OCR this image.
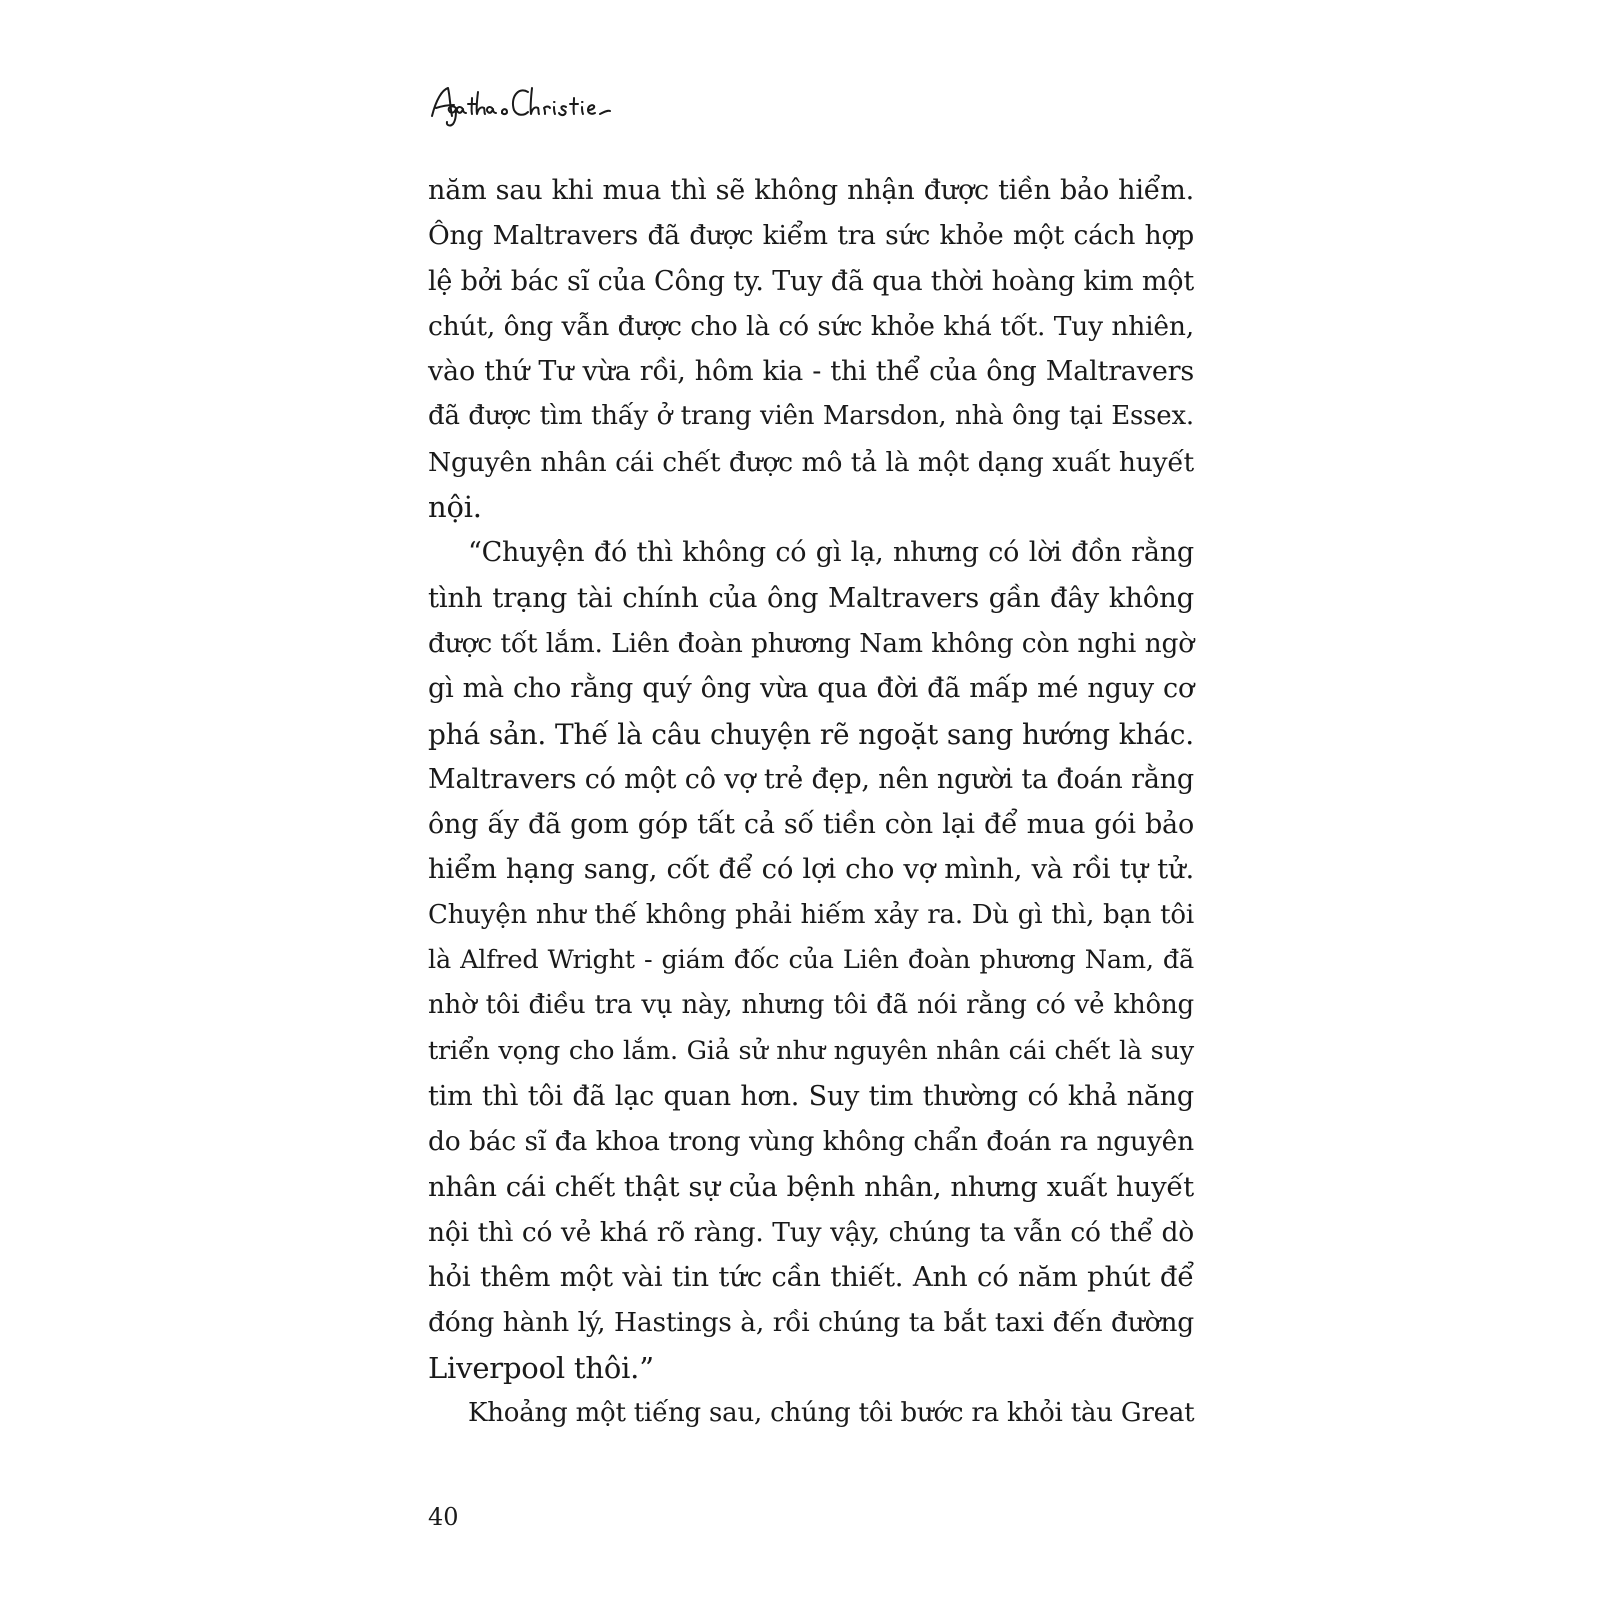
năm sau khi mua thì sẽ không nhận được tiền bảo hiểm.
Ông Maltravers đã được kiểm tra sức khỏe một cách hợp
lệ bởi bác sĩ của Công ty. Tuy đã qua thời hoàng kim một
chút, ông vẫn được cho là có sức khỏe khá tốt. Tuy nhiên,
vào thứ Tư vừa rồi, hôm kia - thi thể của ông Maltravers
đã được tìm thấy ở trang viên Marsdon, nhà ông tại Essex.
Nguyên nhân cái chết được mô tả là một dạng xuất huyết
nội.
“Chuyện đó thì không có gì lạ, nhưng có lời đồn rằng
tình trạng tài chính của ông Maltravers gần đây không
được tốt lắm. Liên đoàn phương Nam không còn nghi ngờ
gì mà cho rằng quý ông vừa qua đời đã mấp mé nguy cơ
phá sản. Thế là câu chuyện rẽ ngoặt sang hướng khác.
Maltravers có một cô vợ trẻ đẹp, nên người ta đoán rằng
ông ấy đã gom góp tất cả số tiền còn lại để mua gói bảo
hiểm hạng sang, cốt để có lợi cho vợ mình, và rồi tự tử.
Chuyện như thế không phải hiếm xảy ra. Dù gì thì, bạn tôi
là Alfred Wright - giám đốc của Liên đoàn phương Nam, đã
nhờ tôi điều tra vụ này, nhưng tôi đã nói rằng có vẻ không
triển vọng cho lắm. Giả sử như nguyên nhân cái chết là suy
tim thì tôi đã lạc quan hơn. Suy tim thường có khả năng
do bác sĩ đa khoa trong vùng không chẩn đoán ra nguyên
nhân cái chết thật sự của bệnh nhân, nhưng xuất huyết
nội thì có vẻ khá rõ ràng. Tuy vậy, chúng ta vẫn có thể dò
hỏi thêm một vài tin tức cần thiết. Anh có năm phút để
đóng hành lý, Hastings à, rồi chúng ta bắt taxi đến đường
Liverpool thôi.”
Khoảng một tiếng sau, chúng tôi bước ra khỏi tàu Great
40
